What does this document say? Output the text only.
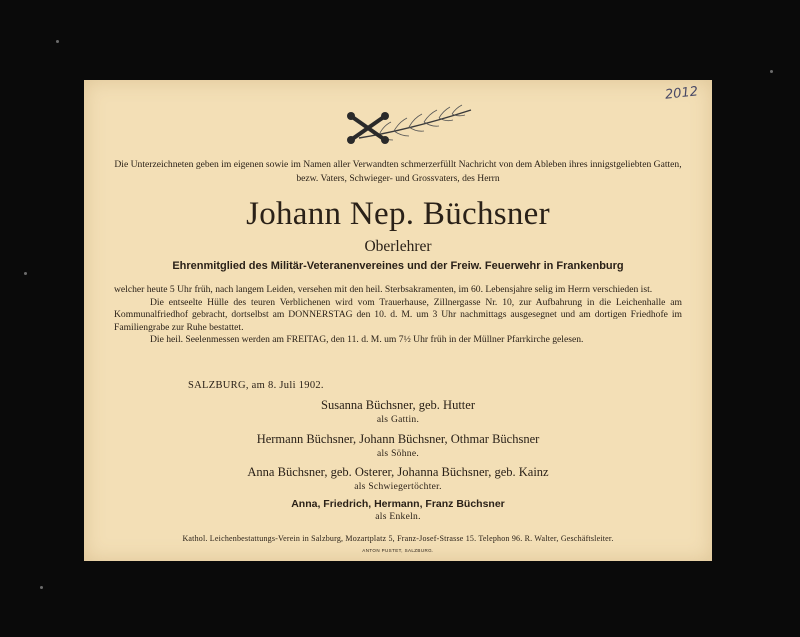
2012
Die Unterzeichneten geben im eigenen sowie im Namen aller Verwandten schmerzerfüllt Nachricht von dem Ableben ihres innigstgeliebten Gatten, bezw. Vaters, Schwieger- und Grossvaters, des Herrn
Johann Nep. Büchsner
Oberlehrer
Ehrenmitglied des Militär-Veteranenvereines und der Freiw. Feuerwehr in Frankenburg

welcher heute 5 Uhr früh, nach langem Leiden, versehen mit den heil. Sterbsakramenten, im 60. Lebensjahre selig im Herrn verschieden ist.

Die entseelte Hülle des teuren Verblichenen wird vom Trauerhause, Zillnergasse Nr. 10, zur Aufbahrung in die Leichenhalle am Kommunalfriedhof gebracht, dortselbst am DONNERSTAG den 10. d. M. um 3 Uhr nachmittags ausgesegnet und am dortigen Friedhofe im Familiengrabe zur Ruhe bestattet.

Die heil. Seelenmessen werden am FREITAG, den 11. d. M. um 7½ Uhr früh in der Müllner Pfarrkirche gelesen.

SALZBURG, am 8. Juli 1902.
Susanna Büchsner, geb. Hutter
als Gattin.
Hermann Büchsner, Johann Büchsner, Othmar Büchsner
als Söhne.
Anna Büchsner, geb. Osterer, Johanna Büchsner, geb. Kainz
als Schwiegertöchter.
Anna, Friedrich, Hermann, Franz Büchsner
als Enkeln.
Kathol. Leichenbestattungs-Verein in Salzburg, Mozartplatz 5, Franz-Josef-Strasse 15. Telephon 96. R. Walter, Geschäftsleiter.
ANTON PUSTET, SALZBURG.
